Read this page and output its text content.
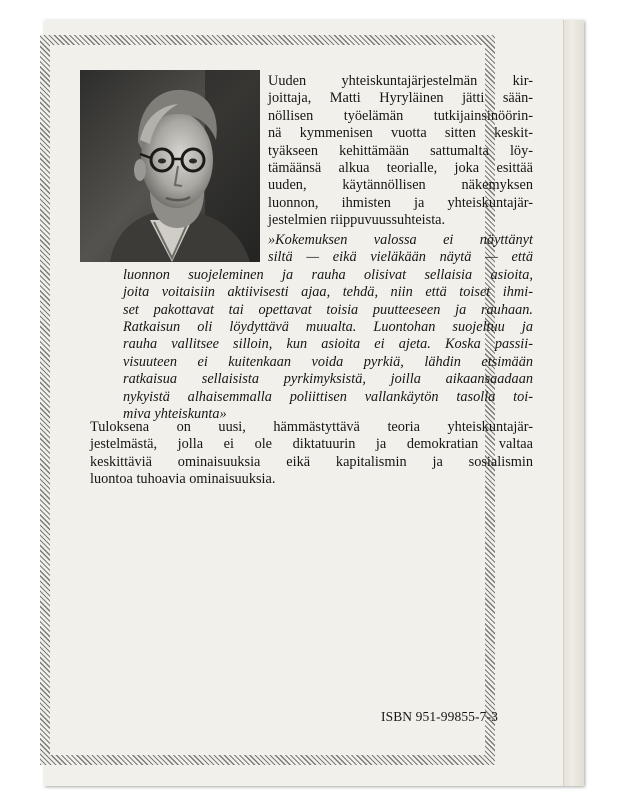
Uuden yhteiskuntajärjestelmän kir-
joittaja, Matti Hyryläinen jätti sään-
nöllisen työelämän tutkijainsinöörin-
nä kymmenisen vuotta sitten keskit-
tyäkseen kehittämään sattumalta löy-
tämäänsä alkua teorialle, joka esittää
uuden, käytännöllisen näkemyksen
luonnon, ihmisten ja yhteiskuntajär-
jestelmien riippuvuussuhteista.
»Kokemuksen valossa ei näyttänyt
siltä — eikä vieläkään näytä — että
luonnon suojeleminen ja rauha olisivat sellaisia asioita,
joita voitaisiin aktiivisesti ajaa, tehdä, niin että toiset ihmi-
set pakottavat tai opettavat toisia puutteeseen ja rauhaan.
Ratkaisun oli löydyttävä muualta. Luontohan suojeltuu ja
rauha vallitsee silloin, kun asioita ei ajeta. Koska passii-
visuuteen ei kuitenkaan voida pyrkiä, lähdin etsimään
ratkaisua sellaisista pyrkimyksistä, joilla aikaansaadaan
nykyistä alhaisemmalla poliittisen vallankäytön tasolla toi-
miva yhteiskunta»
Tuloksena on uusi, hämmästyttävä teoria yhteiskuntajär-
jestelmästä, jolla ei ole diktatuurin ja demokratian valtaa
keskittäviä ominaisuuksia eikä kapitalismin ja sosialismin
luontoa tuhoavia ominaisuuksia.
ISBN 951-99855-7-3
